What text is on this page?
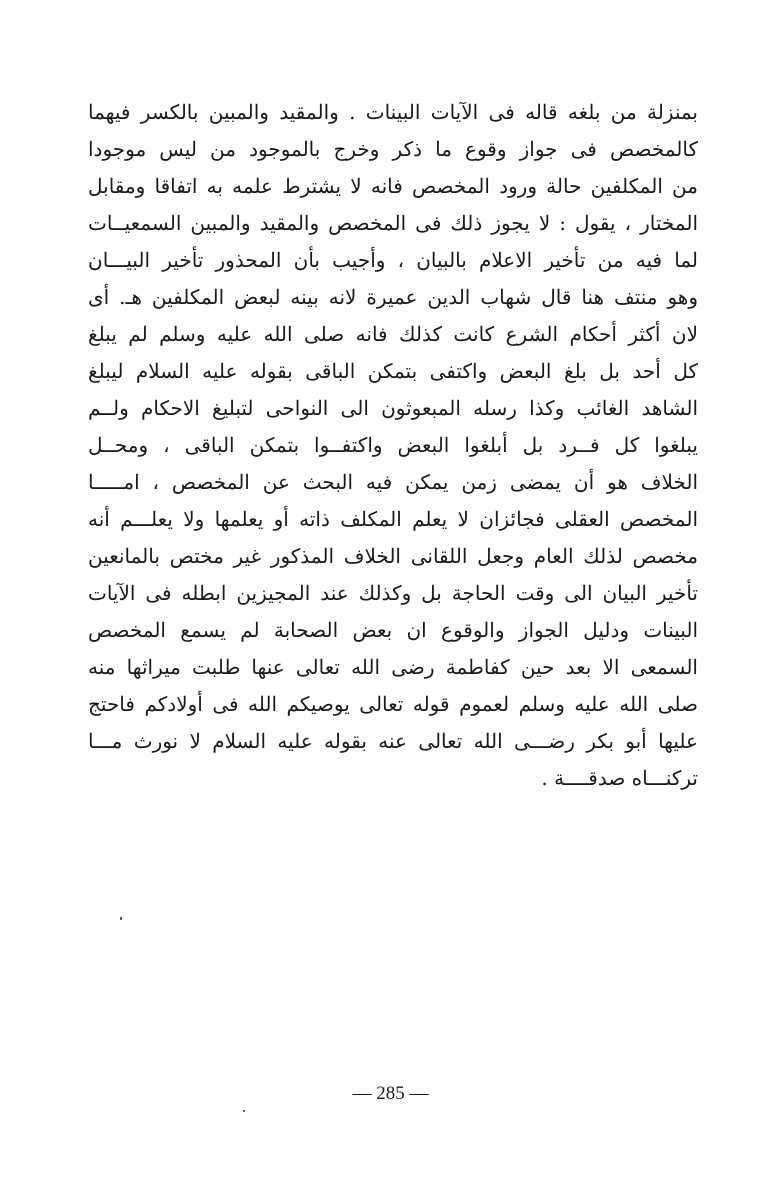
بمنزلة من بلغه قاله فى الآيات البينات . والمقيد والمبين بالكسر فيهما
كالمخصص فى جواز وقوع ما ذكر وخرج بالموجود من ليس موجودا
من المكلفين حالة ورود المخصص فانه لا يشترط علمه به اتفاقا ومقابل
المختار ، يقول : لا يجوز ذلك فى المخصص والمقيد والمبين السمعيــات
لما فيه من تأخير الاعلام بالبيان ، وأجيب بأن المحذور تأخير البيـــان
وهو منتف هنا قال شهاب الدين عميرة لانه بينه لبعض المكلفين هـ. أى
لان أكثر أحكام الشرع كانت كذلك فانه صلى الله عليه وسلم لم يبلغ
كل أحد بل بلغ البعض واكتفى بتمكن الباقى بقوله عليه السلام ليبلغ
الشاهد الغائب وكذا رسله المبعوثون الى النواحى لتبليغ الاحكام ولــم
يبلغوا كل فــرد بل أبلغوا البعض واكتفــوا بتمكن الباقى ، ومحــل
الخلاف هو أن يمضى زمن يمكن فيه البحث عن المخصص ، امـــــا
المخصص العقلى فجائزان لا يعلم المكلف ذاته أو يعلمها ولا يعلـــم أنه
مخصص لذلك العام وجعل اللقانى الخلاف المذكور غير مختص بالمانعين
تأخير البيان الى وقت الحاجة بل وكذلك عند المجيزين ابطله فى الآيات
البينات ودليل الجواز والوقوع ان بعض الصحابة لم يسمع المخصص
السمعى الا بعد حين كفاطمة رضى الله تعالى عنها طلبت ميراثها منه
صلى الله عليه وسلم لعموم قوله تعالى يوصيكم الله فى أولادكم فاحتج
عليها أبو بكر رضـــى الله تعالى عنه بقوله عليه السلام لا نورث مـــا
تركنـــاه صدقــــة .
— 285 —
